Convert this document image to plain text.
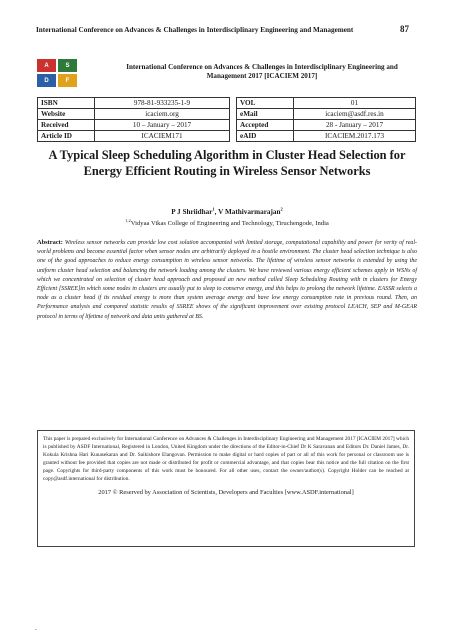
International Conference on Advances & Challenges in Interdisciplinary Engineering and Management	87
A	S
D	F
International Conference on Advances & Challenges in Interdisciplinary Engineering and
Management 2017 [ICACIEM 2017]
ISBN	978-81-933235-1-9
Website	icaciem.org
Received	10 – January – 2017
Article ID	ICACIEM171
VOL	01
eMail	icaciem@asdf.res.in
Accepted	28 - January – 2017
eAID	ICACIEM.2017.173
A Typical Sleep Scheduling Algorithm in Cluster Head Selection for Energy Efficient Routing in Wireless Sensor Networks
P J Shriidhar$^1$, V Mathivarmarajan$^2$
$^{1,2}$Vidyaa Vikas College of Engineering and Technology, Tiruchengode, India
Abstract: Wireless sensor networks can provide low cost solution accompanied with limited storage, computational capability and power for verity of real-world problems and become essential factor when sensor nodes are arbitrarily deployed in a hostile environment. The cluster head selection technique is also one of the good approaches to reduce energy consumption in wireless sensor networks. The lifetime of wireless sensor networks is extended by using the uniform cluster head selection and balancing the network loading among the clusters. We have reviewed various energy efficient schemes apply in WSNs of which we concentrated on selection of cluster head approach and proposed an new method called Sleep Scheduling Routing with in clusters for Energy Efficient [SSREE]in which some nodes in clusters are usually put to sleep to conserve energy, and this helps to prolong the network lifetime. EASSR selects a node as a cluster head if its residual energy is more than system average energy and have low energy consumption rate in previous round. Then, an Performance analysis and compared statistic results of SSREE shows of the significant improvement over existing protocol LEACH, SEP and M-GEAR protocol in terms of lifetime of network and data units gathered at BS.
This paper is prepared exclusively for International Conference on Advances & Challenges in Interdisciplinary Engineering and Management 2017 [ICACIEM 2017] which is published by ASDF International, Registered in London, United Kingdom under the directions of the Editor-in-Chief Dr K Saravanan and Editors Dr. Daniel James, Dr. Kokula Krishna Hari Kunasekaran and Dr. Saikishore Elangovan. Permission to make digital or hard copies of part or all of this work for personal or classroom use is granted without fee provided that copies are not made or distributed for profit or commercial advantage, and that copies bear this notice and the full citation on the first page. Copyrights for third-party components of this work must be honoured. For all other uses, contact the owner/author(s). Copyright Holder can be reached at copy@asdf.international for distribution.
2017 © Reserved by Association of Scientists, Developers and Faculties [www.ASDF.international]
.
